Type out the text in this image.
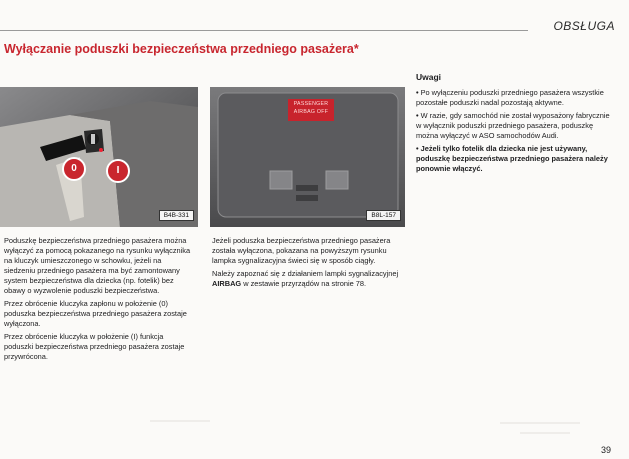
OBSŁUGA
Wyłączanie poduszki bezpieczeństwa przedniego pasażera*

0	I
B4B-331
PASSENGER
AIRBAG OFF
B8L-157

Poduszkę bezpieczeństwa przedniego pasażera można wyłączyć za pomocą pokazanego na rysunku wyłącznika na kluczyk umieszczonego w schowku, jeżeli na siedzeniu przedniego pasażera ma być zamontowany system bezpieczeństwa dla dziecka (np. fotelik) bez obawy o wyzwolenie poduszki bezpieczeństwa.

Przez obrócenie kluczyka zapłonu w położenie (0) poduszka bezpieczeństwa przedniego pasażera zostaje wyłączona.

Przez obrócenie kluczyka w położenie (I) funkcja poduszki bezpieczeństwa przedniego pasażera zostaje przywrócona.

Jeżeli poduszka bezpieczeństwa przedniego pasażera została wyłączona, pokazana na powyższym rysunku lampka sygnalizacyjna świeci się w sposób ciągły.

Należy zapoznać się z działaniem lampki sygnalizacyjnej AIRBAG w zestawie przyrządów na stronie 78.

Uwagi

• Po wyłączeniu poduszki przedniego pasażera wszystkie pozostałe poduszki nadal pozostają aktywne.

• W razie, gdy samochód nie został wyposażony fabrycznie w wyłącznik poduszki przedniego pasażera, poduszkę można wyłączyć w ASO samochodów Audi.

• Jeżeli tylko fotelik dla dziecka nie jest używany, poduszkę bezpieczeństwa przedniego pasażera należy ponownie włączyć.

39
